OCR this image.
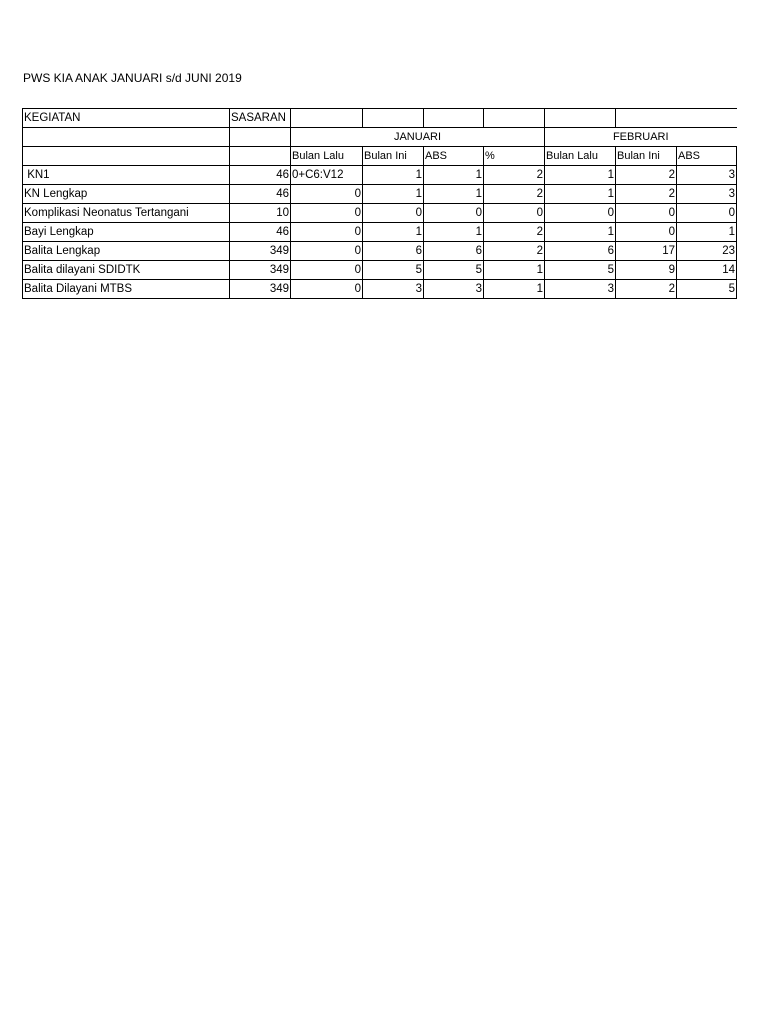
PWS KIA ANAK JANUARI s/d JUNI 2019
KEGIATAN	SASARAN							
		JANUARI				FEBRUARI		
		Bulan Lalu	Bulan Ini	ABS	%	Bulan Lalu	Bulan Ini	ABS
KN1	46	0+C6:V12	1	1	2	1	2	3
KN Lengkap	46	0	1	1	2	1	2	3
Komplikasi Neonatus Tertangani	10	0	0	0	0	0	0	0
Bayi Lengkap	46	0	1	1	2	1	0	1
Balita Lengkap	349	0	6	6	2	6	17	23
Balita dilayani SDIDTK	349	0	5	5	1	5	9	14
Balita Dilayani MTBS	349	0	3	3	1	3	2	5
